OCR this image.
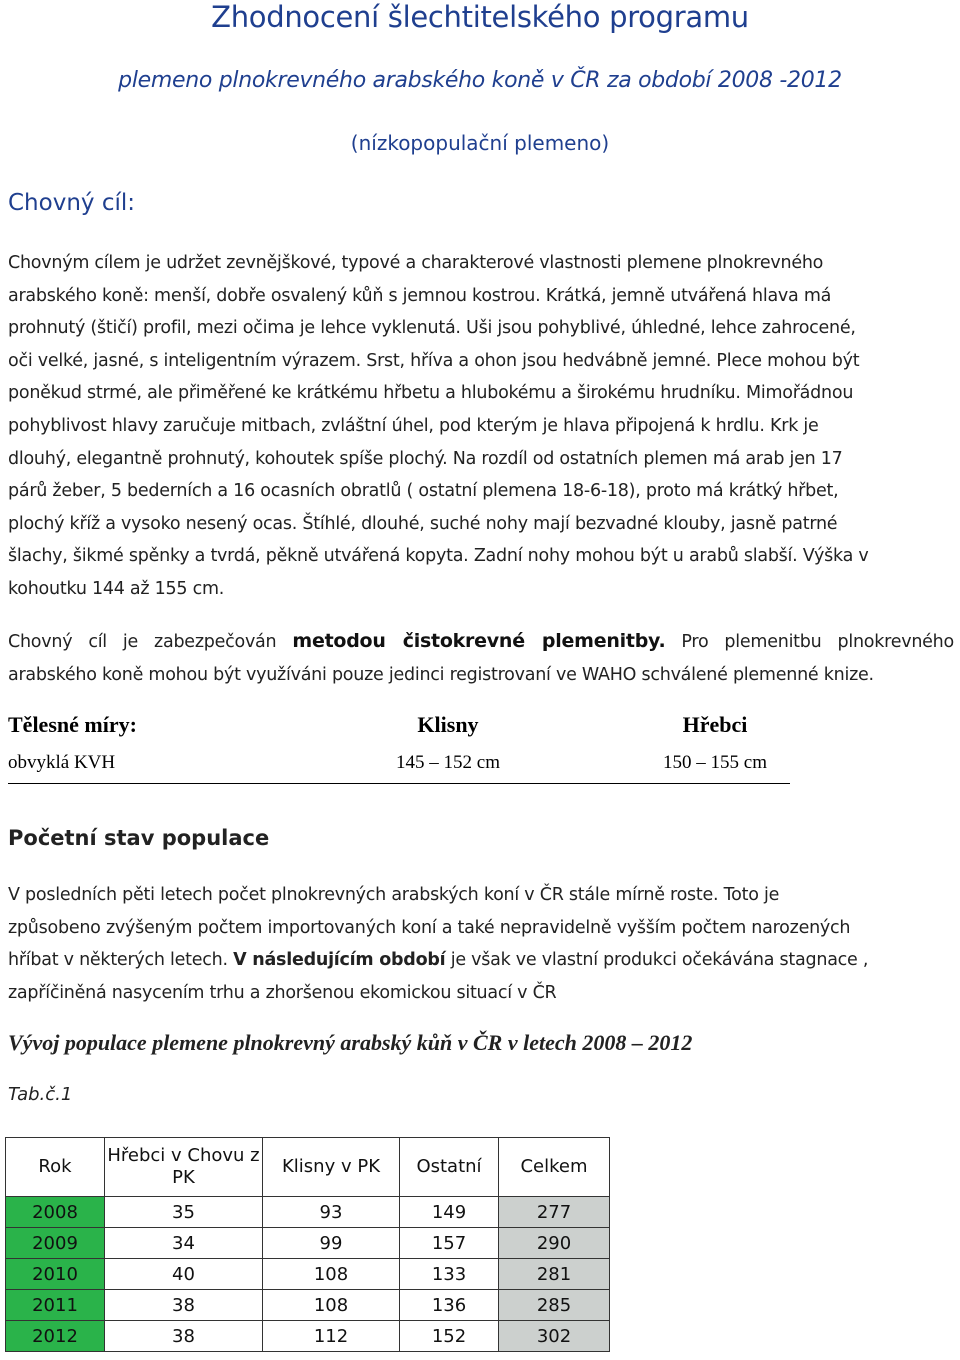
Zhodnocení šlechtitelského programu
plemeno plnokrevného arabského koně v ČR za období 2008 -2012
(nízkopopulační plemeno)
Chovný cíl:
Chovným cílem je udržet zevnějškové, typové a charakterové vlastnosti plemene plnokrevného
arabského koně: menší, dobře osvalený kůň s jemnou kostrou. Krátká, jemně utvářená hlava má
prohnutý (štičí) profil, mezi očima je lehce vyklenutá. Uši jsou pohyblivé, úhledné, lehce zahrocené,
oči velké, jasné, s inteligentním výrazem. Srst, hříva a ohon jsou hedvábně jemné. Plece mohou být
poněkud strmé, ale přiměřené ke krátkému hřbetu a hlubokému a širokému hrudníku. Mimořádnou
pohyblivost hlavy zaručuje mitbach, zvláštní úhel, pod kterým je hlava připojená k hrdlu. Krk je
dlouhý, elegantně prohnutý, kohoutek spíše plochý. Na rozdíl od ostatních plemen má arab jen 17
párů žeber, 5 bederních a 16 ocasních obratlů ( ostatní plemena 18-6-18), proto má krátký hřbet,
plochý kříž a vysoko nesený ocas. Štíhlé, dlouhé, suché nohy mají bezvadné klouby, jasně patrné
šlachy, šikmé spěnky a tvrdá, pěkně utvářená kopyta. Zadní nohy mohou být u arabů slabší. Výška v
kohoutku 144 až 155 cm.
Chovný cíl je zabezpečován metodou čistokrevné plemenitby. Pro plemenitbu plnokrevného
arabského koně mohou být využíváni pouze jedinci registrovaní ve WAHO schválené plemenné knize.
Tělesné míry:	Klisny	Hřebci
obvyklá KVH	145 – 152 cm	150 – 155 cm
Početní stav populace
V posledních pěti letech počet plnokrevných arabských koní v ČR stále mírně roste. Toto je
způsobeno zvýšeným počtem importovaných koní a také nepravidelně vyšším počtem narozených
hříbat v některých letech. V následujícím období je však ve vlastní produkci očekávána stagnace ,
zapříčiněná nasycením trhu a zhoršenou ekomickou situací v ČR
Vývoj populace plemene plnokrevný arabský kůň v ČR v letech 2008 – 2012
Tab.č.1
Rok	Hřebci v Chovu z PK	Klisny v PK	Ostatní	Celkem
2008	35	93	149	277
2009	34	99	157	290
2010	40	108	133	281
2011	38	108	136	285
2012	38	112	152	302
